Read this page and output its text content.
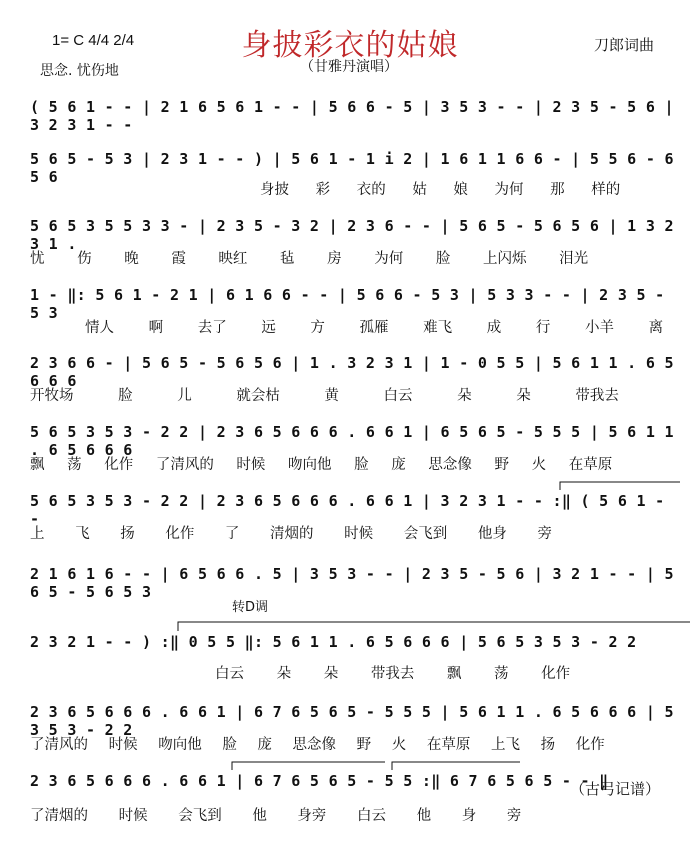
1= C 4/4 2/4	身披彩衣的姑娘	刀郎词曲
思念. 忧伤地	（甘雅丹演唱）
( 5 6 1 - - | 2 1 6 5 6 1 - - | 5 6 6 - 5 | 3 5 3 - - | 2 3 5 - 5 6 | 3 2 3 1 - -
5 6 5 - 5 3 | 2 3 1 - - ) | 5 6 1 - 1 i 2 | 1 6 1 1 6 6 - | 5 5 6 - 6 5 6
身披 彩 衣的 姑 娘 为何 那 样的
5 6 5 3 5 5 3 3 - | 2 3 5 - 3 2 | 2 3 6 - - | 5 6 5 - 5 6 5 6 | 1 3 2 3 1 .
忧 伤 晚 霞 映红 毡 房 为何 脸 上闪烁 泪光
1 - ‖: 5 6 1 - 2 1 | 6 1 6 6 - - | 5 6 6 - 5 3 | 5 3 3 - - | 2 3 5 - 5 3
情人 啊 去了 远 方 孤雁 难飞 成 行 小羊 离
2 3 6 6 - | 5 6 5 - 5 6 5 6 | 1 . 3 2 3 1 | 1 - 0 5 5 | 5 6 1 1 . 6 5 6 6 6
开牧场 脸 儿 就会枯 黄 白云 朵 朵 带我去
5 6 5 3 5 3 - 2 2 | 2 3 6 5 6 6 6 . 6 6 1 | 6 5 6 5 - 5 5 5 | 5 6 1 1 . 6 5 6 6 6
飘 荡 化作 了清风的 时候 吻向他 脸 庞 思念像 野 火 在草原
5 6 5 3 5 3 - 2 2 | 2 3 6 5 6 6 6 . 6 6 1 | 3 2 3 1 - - :‖ ( 5 6 1 - -
上 飞 扬 化作 了 清烟的 时候 会飞到 他身 旁
2 1 6 1 6 - - | 6 5 6 6 . 5 | 3 5 3 - - | 2 3 5 - 5 6 | 3 2 1 - - | 5 6 5 - 5 6 5 3
转D调
2 3 2 1 - - ) :‖ 0 5 5 ‖: 5 6 1 1 . 6 5 6 6 6 | 5 6 5 3 5 3 - 2 2
白云 朵 朵 带我去 飘 荡 化作
2 3 6 5 6 6 6 . 6 6 1 | 6 7 6 5 6 5 - 5 5 5 | 5 6 1 1 . 6 5 6 6 6 | 5 3 5 3 - 2 2
了清风的 时候 吻向他 脸 庞 思念像 野 火 在草原 上飞 扬 化作
2 3 6 5 6 6 6 . 6 6 1 | 6 7 6 5 6 5 - 5 5 :‖ 6 7 6 5 6 5 - - ‖
了清烟的 时候 会飞到 他 身旁 白云 他 身 旁
（古弓记谱）
